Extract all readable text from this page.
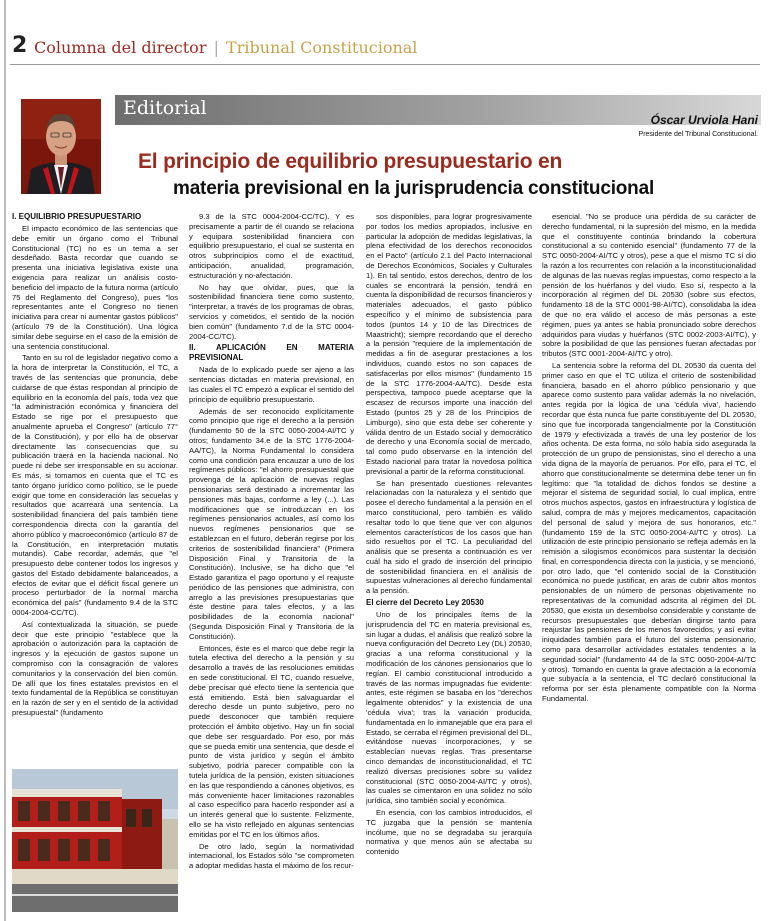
2 Columna del director | Tribunal Constitucional
Editorial
Óscar Urviola Hani
Presidente del Tribunal Constitucional.
El principio de equilibrio presupuestario en
materia previsional en la jurisprudencia constitucional
I. EQUILIBRIO PRESUPUESTARIO

El impacto económico de las sentencias que debe emitir un órgano como el Tribunal Constitucional (TC) no es un tema a ser desdeñado. Basta recordar que cuando se presenta una iniciativa legislativa existe una exigencia para realizar un análisis costo-beneficio del impacto de la futura norma (artículo 75 del Reglamento del Congreso), pues "los representantes ante el Congreso no tienen iniciativa para crear ni aumentar gastos públicos" (artículo 79 de la Constitución). Una lógica similar debe seguirse en el caso de la emisión de una sentencia constitucional.

Tanto en su rol de legislador negativo como a la hora de interpretar la Constitución, el TC, a través de las sentencias que pronuncia, debe cuidarse de que éstas respondan al principio de equilibrio en la economía del país, toda vez que "la administración económica y financiera del Estado se rige por el presupuesto que anualmente aprueba el Congreso" (artículo 77° de la Constitución), y por ello ha de observar directamente las consecuencias que su publicación traerá en la hacienda nacional. No puede ni debe ser irresponsable en su accionar. Es más, si tomamos en cuenta que el TC es tanto órgano jurídico como político, se le puede exigir que tome en consideración las secuelas y resultados que acarreará una sentencia. La sostenibilidad financiera del país también tiene correspondencia directa con la garantía del ahorro público y macroeconómico (artículo 87 de la Constitución, en interpretación mutatis mutandis). Cabe recordar, además, que "el presupuesto debe contener todos los ingresos y gastos del Estado debidamente balanceados, a efectos de evitar que el déficit fiscal genere un proceso perturbador de la normal marcha económica del país" (fundamento 9.4 de la STC 0004-2004-CC/TC).

Así contextualizada la situación, se puede decir que este principio "establece que la aprobación o autorización para la captación de ingresos y la ejecución de gastos supone un compromiso con la consagración de valores comunitarios y la conservación del bien común. De allí que los fines estatales previstos en el texto fundamental de la República se constituyan en la razón de ser y en el sentido de la actividad presupuestal" (fundamento

9.3 de la STC 0004-2004-CC/TC). Y es precisamente a partir de él cuando se relaciona y equipara sostenibilidad financiera con equilibrio presupuestario, el cual se sustenta en otros subprincipios como el de exactitud, anticipación, anualidad, programación, estructuración y no-afectación.

No hay que olvidar, pues, que la sostenibilidad financiera tiene como sustento, "interpretar, a través de los programas de obras, servicios y cometidos, el sentido de la noción bien común" (fundamento 7.d de la STC 0004-2004-CC/TC).

II. APLICACIÓN EN MATERIA PREVISIONAL

Nada de lo explicado puede ser ajeno a las sentencias dictadas en materia previsional, en las cuales el TC empezó a explicar el sentido del principio de equilibrio presupuestario.

Además de ser reconocido explícitamente como principio que rige el derecho a la pensión (fundamento 50 de la STC 0050-2004-AI/TC y otros; fundamento 34.e de la STC 1776-2004-AA/TC), la Norma Fundamental lo considera como una condición para encauzar a uno de los regímenes públicos: "el ahorro presupuestal que provenga de la aplicación de nuevas reglas pensionarias será destinado a incrementar las pensiones más bajas, conforme a ley (...). Las modificaciones que se introduzcan en los regímenes pensionarios actuales, así como los nuevos regímenes pensionarios que se establezcan en el futuro, deberán regirse por los criterios de sostenibilidad financiera" (Primera Disposición Final y Transitoria de la Constitución). Inclusive, se ha dicho que "el Estado garantiza el pago oportuno y el reajuste periódico de las pensiones que administra, con arreglo a las previsiones presupuestarias que éste destine para tales efectos, y a las posibilidades de la economía nacional" (Segunda Disposición Final y Transitoria de la Constitución).

Entonces, éste es el marco que debe regir la tutela efectiva del derecho a la pensión y su desarrollo a través de las resoluciones emitidas en sede constitucional. El TC, cuando resuelve, debe precisar qué efecto tiene la sentencia que está emitiendo. Está bien salvaguardar el derecho desde un punto subjetivo, pero no puede desconocer que también requiere protección el ámbito objetivo. Hay un fin social que debe ser resguardado. Por eso, por más que se pueda emitir una sentencia, que desde el punto de vista jurídico y según el ámbito subjetivo, podría parecer compatible con la tutela jurídica de la pensión, existen situaciones en las que respondiendo a cánones objetivos, es más conveniente hacer limitaciones razonables al caso específico para hacerlo responder así a un interés general que lo sustente. Felizmente, ello se ha visto reflejado en algunas sentencias emitidas por el TC en los últimos años.

De otro lado, según la normatividad internacional, los Estados sólo "se comprometen a adoptar medidas hasta el máximo de los recur-

sos disponibles, para lograr progresivamente por todos los medios apropiados, inclusive en particular la adopción de medidas legislativas, la plena efectividad de los derechos reconocidos en el Pacto" (artículo 2.1 del Pacto Internacional de Derechos Económicos, Sociales y Culturales 1). En tal sentido, estos derechos, dentro de los cuales se encontrará la pensión, tendrá en cuenta la disponibilidad de recursos financieros y materiales adecuados, el gasto público específico y el mínimo de subsistencia para todos (puntos 14 y 10 de las Directrices de Maastricht); siempre recordando que el derecho a la pensión "requiere de la implementación de medidas a fin de asegurar prestaciones a los individuos, cuando estos no son capaces de satisfacerlas por ellos mismos" (fundamento 15 de la STC 1776-2004-AA/TC). Desde esta perspectiva, tampoco puede aceptarse que la escasez de recursos importe una inacción del Estado (puntos 25 y 28 de los Principios de Limburgo), sino que esta debe ser coherente y válida dentro de un Estado social y democrático de derecho y una Economía social de mercado, tal como pudo observarse en la intención del Estado nacional para tratar la novedosa política previsional a partir de la reforma constitucional.

Se han presentado cuestiones relevantes relacionadas con la naturaleza y el sentido que posee el derecho fundamental a la pensión en el marco constitucional, pero también es válido resaltar todo lo que tiene que ver con algunos elementos característicos de los casos que han sido resueltos por el TC. La peculiaridad del análisis que se presenta a continuación es ver cuál ha sido el grado de inserción del principio de sostenibilidad financiera en el análisis de supuestas vulneraciones al derecho fundamental a la pensión.

El cierre del Decreto Ley 20530

Uno de los principales ítems de la jurisprudencia del TC en materia previsional es, sin lugar a dudas, el análisis que realizó sobre la nueva configuración del Decreto Ley (DL) 20530, gracias a una reforma constitucional y la modificación de los cánones pensionarios que lo regían. El cambio constitucional introducido a través de las normas impugnadas fue evidente: antes, este régimen se basaba en los "derechos legalmente obtenidos" y la existencia de una 'cédula viva'; tras la variación producida, fundamentada en lo inmanejable que era para el Estado, se cerraba el régimen previsional del DL, evitándose nuevas incorporaciones, y se establecían nuevas reglas. Tras presentarse cinco demandas de inconstitucionalidad, el TC realizó diversas precisiones sobre su validez constitucional (STC 0050-2004-AI/TC y otros), las cuales se cimentaron en una solidez no sólo jurídica, sino también social y económica.

En esencia, con los cambios introducidos, el TC juzgaba que la pensión se mantenía incólume, que no se degradaba su jerarquía normativa y que menos aún se afectaba su contenido

esencial. "No se produce una pérdida de su carácter de derecho fundamental, ni la supresión del mismo, en la medida que el constituyente continúa brindando la cobertura constitucional a su contenido esencial" (fundamento 77 de la STC 0050-2004-AI/TC y otros), pese a que el mismo TC sí dio la razón a los recurrentes con relación a la inconstitucionalidad de algunas de las nuevas reglas impuestas, como respecto a la pensión de los huérfanos y del viudo. Eso sí, respecto a la incorporación al régimen del DL 20530 (sobre sus efectos, fundamento 18 de la STC 0001-98-AI/TC), consolidaba la idea de que no era válido el acceso de más personas a este régimen, pues ya antes se había pronunciado sobre derechos adquiridos para viudas y huérfanos (STC 0002-2003-AI/TC), y sobre la posibilidad de que las pensiones fueran afectadas por tributos (STC 0001-2004-AI/TC y otro).

La sentencia sobre la reforma del DL 20530 da cuenta del primer caso en que el TC utiliza el criterio de sostenibilidad financiera, basado en el ahorro público pensionario y que aparece como sustento para validar además la no nivelación, antes regida por la lógica de una 'cédula viva', haciendo recordar que ésta nunca fue parte constituyente del DL 20530, sino que fue incorporada tangencialmente por la Constitución de 1979 y efectivizada a través de una ley posterior de los años ochenta. De esta forma, no sólo había sido asegurada la protección de un grupo de pensionistas, sino el derecho a una vida digna de la mayoría de peruanos. Por ello, para el TC, el ahorro que constitucionalmente se determina debe tener un fin legítimo: que "la totalidad de dichos fondos se destine a mejorar el sistema de seguridad social, lo cual implica, entre otros muchos aspectos, gastos en infraestructura y logística de salud, compra de más y mejores medicamentos, capacitación del personal de salud y mejora de sus honorarios, etc." (fundamento 159 de la STC 0050-2004-AI/TC y otros). La utilización de este principio pensionario se refleja además en la remisión a silogismos económicos para sustentar la decisión final, en correspondencia directa con la justicia, y se mencionó, por otro lado, que "el contenido social de la Constitución económica no puede justificar, en aras de cubrir altos montos pensionables de un número de personas objetivamente no representativas de la comunidad adscrita al régimen del DL 20530, que exista un desembolso considerable y constante de recursos presupuestales que deberían dirigirse tanto para reajustar las pensiones de los menos favorecidos, y así evitar iniquidades también para el futuro del sistema pensionario, como para desarrollar actividades estatales tendentes a la seguridad social" (fundamento 44 de la STC 0050-2004-AI/TC y otros). Tomando en cuenta la grave afectación a la economía que subyacía a la sentencia, el TC declaró constitucional la reforma por ser ésta plenamente compatible con la Norma Fundamental.
